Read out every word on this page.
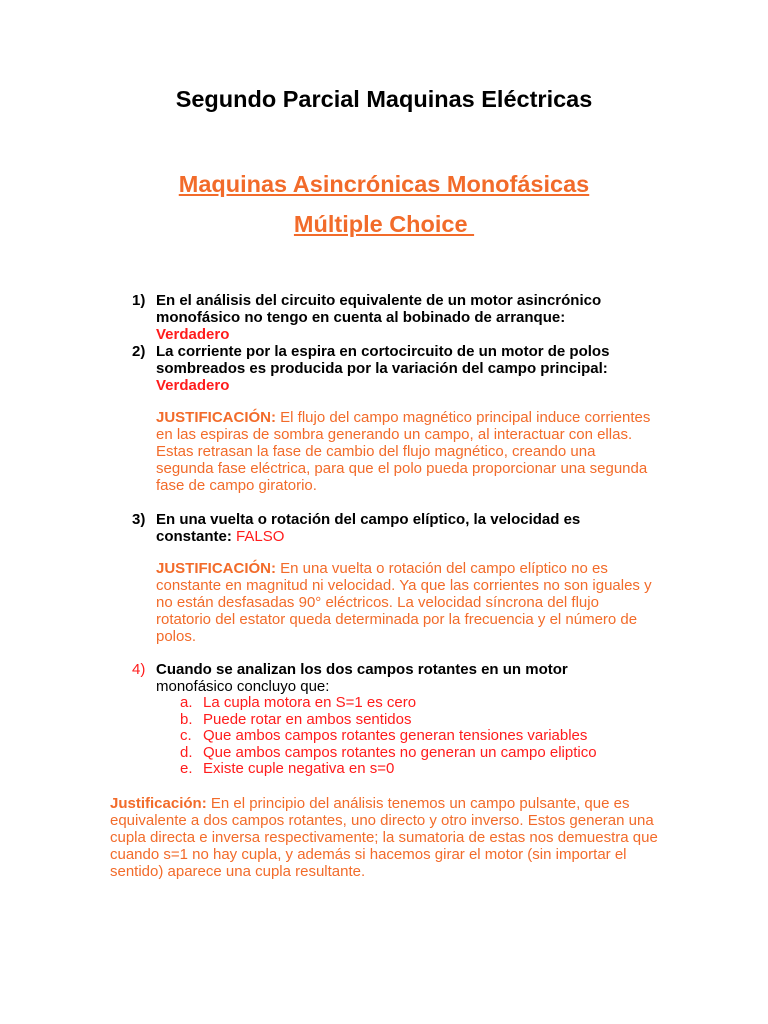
Segundo Parcial Maquinas Eléctricas
Maquinas Asincrónicas Monofásicas
Múltiple Choice
1) En el análisis del circuito equivalente de un motor asincrónico monofásico no tengo en cuenta al bobinado de arranque:
Verdadero
2) La corriente por la espira en cortocircuito de un motor de polos sombreados es producida por la variación del campo principal:
Verdadero
JUSTIFICACIÓN: El flujo del campo magnético principal induce corrientes en las espiras de sombra generando un campo, al interactuar con ellas. Estas retrasan la fase de cambio del flujo magnético, creando una segunda fase eléctrica, para que el polo pueda proporcionar una segunda fase de campo giratorio.
3) En una vuelta o rotación del campo elíptico, la velocidad es constante: FALSO
JUSTIFICACIÓN: En una vuelta o rotación del campo elíptico no es constante en magnitud ni velocidad. Ya que las corrientes no son iguales y no están desfasadas 90° eléctricos. La velocidad síncrona del flujo rotatorio del estator queda determinada por la frecuencia y el número de polos.
4) Cuando se analizan los dos campos rotantes en un motor
monofásico concluyo que:
a. La cupla motora en S=1 es cero
b. Puede rotar en ambos sentidos
c. Que ambos campos rotantes generan tensiones variables
d. Que ambos campos rotantes no generan un campo eliptico
e. Existe cuple negativa en s=0
Justificación: En el principio del análisis tenemos un campo pulsante, que es equivalente a dos campos rotantes, uno directo y otro inverso. Estos generan una cupla directa e inversa respectivamente; la sumatoria de estas nos demuestra que cuando s=1 no hay cupla, y además si hacemos girar el motor (sin importar el sentido) aparece una cupla resultante.
